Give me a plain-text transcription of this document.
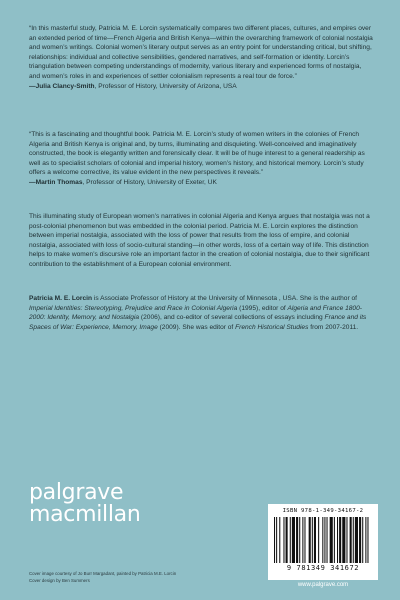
“In this masterful study, Patricia M. E. Lorcin systematically compares two different places, cultures, and empires over an extended period of time—French Algeria and British Kenya—within the overarching framework of colonial nostalgia and women’s writings. Colonial women’s literary output serves as an entry point for understanding critical, but shifting, relationships: individual and collective sensibilities, gendered narratives, and self-formation or identity. Lorcin’s triangulation between competing understandings of modernity, various literary and experienced forms of nostalgia, and women’s roles in and experiences of settler colonialism represents a real tour de force.”

—Julia Clancy-Smith, Professor of History, University of Arizona, USA

“This is a fascinating and thoughtful book. Patricia M. E. Lorcin’s study of women writers in the colonies of French Algeria and British Kenya is original and, by turns, illuminating and disquieting. Well-conceived and imaginatively constructed, the book is elegantly written and forensically clear. It will be of huge interest to a general readership as well as to specialist scholars of colonial and imperial history, women’s history, and historical memory. Lorcin’s study offers a welcome corrective, its value evident in the new perspectives it reveals.”

—Martin Thomas, Professor of History, University of Exeter, UK

This illuminating study of European women’s narratives in colonial Algeria and Kenya argues that nostalgia was not a post-colonial phenomenon but was embedded in the colonial period. Patricia M. E. Lorcin explores the distinction between imperial nostalgia, associated with the loss of power that results from the loss of empire, and colonial nostalgia, associated with loss of socio-cultural standing—in other words, loss of a certain way of life. This distinction helps to make women’s discursive role an important factor in the creation of colonial nostalgia, due to their significant contribution to the establishment of a European colonial environment.

Patricia M. E. Lorcin is Associate Professor of History at the University of Minnesota , USA. She is the author of Imperial Identities: Stereotyping, Prejudice and Race in Colonial Algeria (1995), editor of Algeria and France 1800-2000: Identity, Memory, and Nostalgia (2006), and co-editor of several collections of essays including France and its Spaces of War: Experience, Memory, Image (2009). She was editor of French Historical Studies from 2007-2011.

palgrave
macmillan
Cover image courtesy of Jo Burr Margadant, painted by Patricia M.E. Lorcin
Cover design by Ben Summers
ISBN 978-1-349-34167-2
9 781349 341672
www.palgrave.com
